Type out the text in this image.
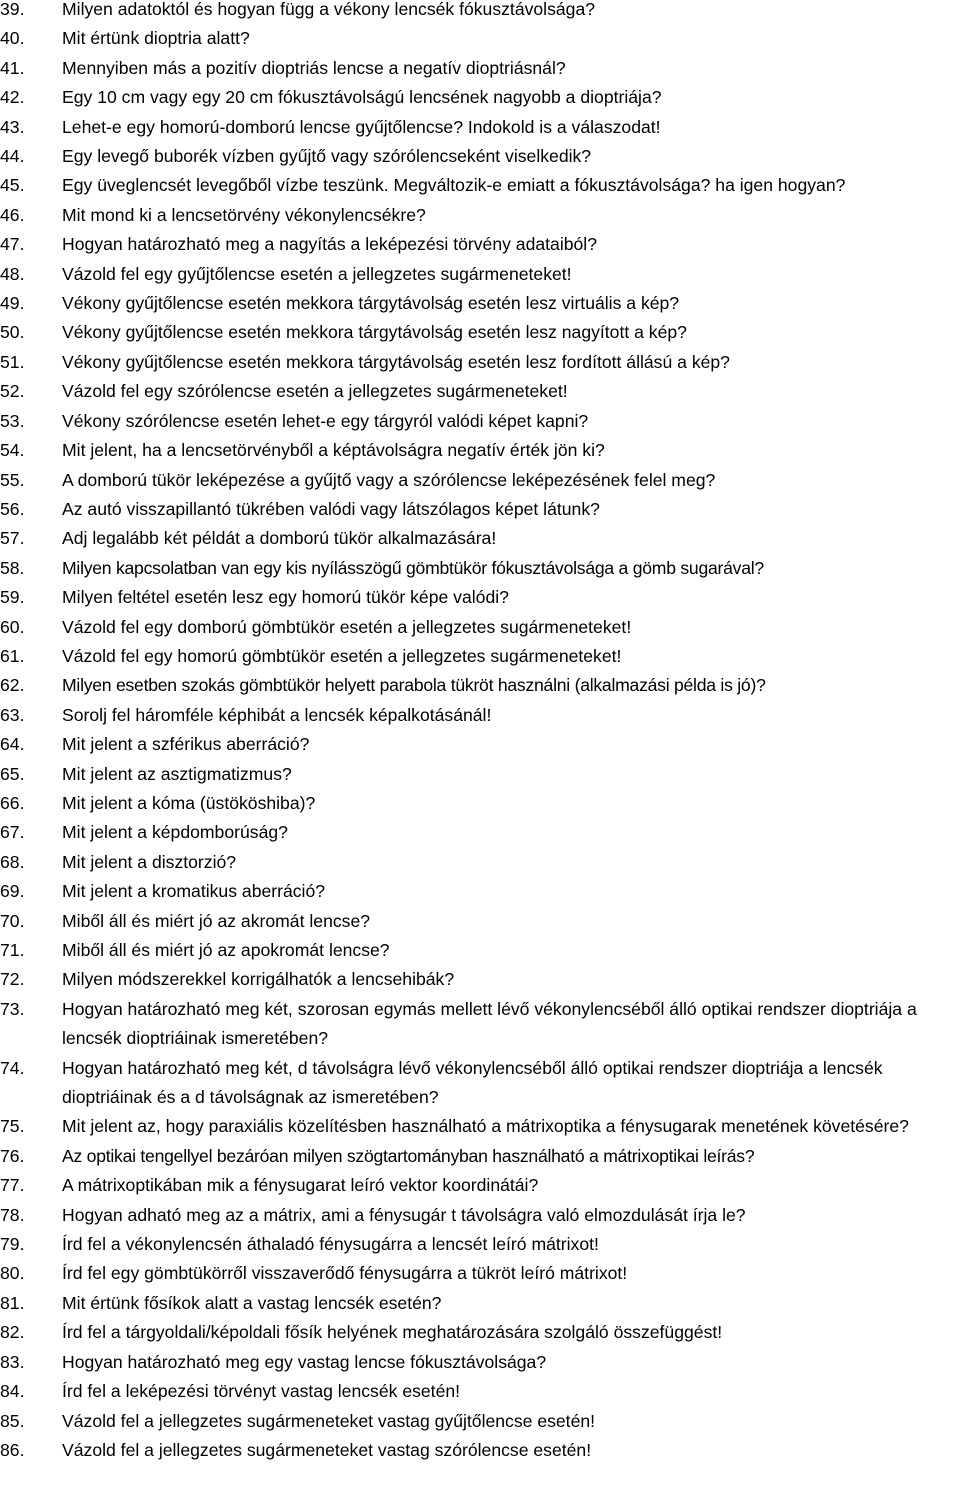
39.	Milyen adatoktól és hogyan függ a vékony lencsék fókusztávolsága?
40.	Mit értünk dioptria alatt?
41.	Mennyiben más a pozitív dioptriás lencse a negatív dioptriásnál?
42.	Egy 10 cm vagy egy 20 cm fókusztávolságú lencsének nagyobb a dioptriája?
43.	Lehet-e egy homorú-domború lencse gyűjtőlencse? Indokold is a válaszodat!
44.	Egy levegő buborék vízben gyűjtő vagy szórólencseként viselkedik?
45.	Egy üveglencsét levegőből vízbe teszünk. Megváltozik-e emiatt a fókusztávolsága? ha igen hogyan?
46.	Mit mond ki a lencsetörvény vékonylencsékre?
47.	Hogyan határozható meg a nagyítás a leképezési törvény adataiból?
48.	Vázold fel egy gyűjtőlencse esetén a jellegzetes sugármeneteket!
49.	Vékony gyűjtőlencse esetén mekkora tárgytávolság esetén lesz virtuális a kép?
50.	Vékony gyűjtőlencse esetén mekkora tárgytávolság esetén lesz nagyított a kép?
51.	Vékony gyűjtőlencse esetén mekkora tárgytávolság esetén lesz fordított állású a kép?
52.	Vázold fel egy szórólencse esetén a jellegzetes sugármeneteket!
53.	Vékony szórólencse esetén lehet-e egy tárgyról valódi képet kapni?
54.	Mit jelent, ha a lencsetörvényből a képtávolságra negatív érték jön ki?
55.	A domború tükör leképezése a gyűjtő vagy a szórólencse leképezésének felel meg?
56.	Az autó visszapillantó tükrében valódi vagy látszólagos képet látunk?
57.	Adj legalább két példát a domború tükör alkalmazására!
58.	Milyen kapcsolatban van egy kis nyílásszögű gömbtükör fókusztávolsága a gömb sugarával?
59.	Milyen feltétel esetén lesz egy homorú tükör képe valódi?
60.	Vázold fel egy domború gömbtükör esetén a jellegzetes sugármeneteket!
61.	Vázold fel egy homorú gömbtükör esetén a jellegzetes sugármeneteket!
62.	Milyen esetben szokás gömbtükör helyett parabola tükröt használni (alkalmazási példa is jó)?
63.	Sorolj fel háromféle képhibát a lencsék képalkotásánál!
64.	Mit jelent a szférikus aberráció?
65.	Mit jelent az asztigmatizmus?
66.	Mit jelent a kóma (üstököshiba)?
67.	Mit jelent a képdomborúság?
68.	Mit jelent a disztorzió?
69.	Mit jelent a kromatikus aberráció?
70.	Miből áll és miért jó az akromát lencse?
71.	Miből áll és miért jó az apokromát lencse?
72.	Milyen módszerekkel korrigálhatók a lencsehibák?
73.	Hogyan határozható meg két, szorosan egymás mellett lévő vékonylencséből álló optikai rendszer dioptriája a lencsék dioptriáinak ismeretében?
74.	Hogyan határozható meg két, d távolságra lévő vékonylencséből álló optikai rendszer dioptriája a lencsék dioptriáinak és a d távolságnak az ismeretében?
75.	Mit jelent az, hogy paraxiális közelítésben használható a mátrixoptika a fénysugarak menetének követésére?
76.	Az optikai tengellyel bezáróan milyen szögtartományban használható a mátrixoptikai leírás?
77.	A mátrixoptikában mik a fénysugarat leíró vektor koordinátái?
78.	Hogyan adható meg az a mátrix, ami a fénysugár t távolságra való elmozdulását írja le?
79.	Írd fel a vékonylencsén áthaladó fénysugárra a lencsét leíró mátrixot!
80.	Írd fel egy gömbtükörről visszaverődő fénysugárra a tükröt leíró mátrixot!
81.	Mit értünk fősíkok alatt a vastag lencsék esetén?
82.	Írd fel a tárgyoldali/képoldali fősík helyének meghatározására szolgáló összefüggést!
83.	Hogyan határozható meg egy vastag lencse fókusztávolsága?
84.	Írd fel a leképezési törvényt vastag lencsék esetén!
85.	Vázold fel a jellegzetes sugármeneteket vastag gyűjtőlencse esetén!
86.	Vázold fel a jellegzetes sugármeneteket vastag szórólencse esetén!
